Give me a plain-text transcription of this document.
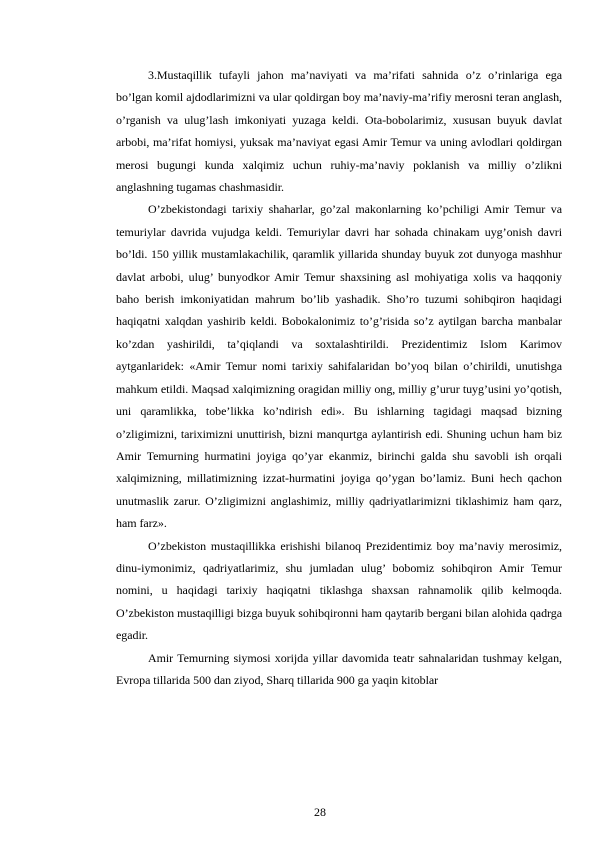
3.Mustaqillik tufayli jahon ma’naviyati va ma’rifati sahnida o’z o’rinlariga ega bo’lgan komil ajdodlarimizni va ular qoldirgan boy ma’naviy-ma’rifiy merosni teran anglash, o’rganish va ulug’lash imkoniyati yuzaga keldi. Ota-bobolarimiz, xususan buyuk davlat arbobi, ma’rifat homiysi, yuksak ma’naviyat egasi Amir Temur va uning avlodlari qoldirgan merosi bugungi kunda xalqimiz uchun ruhiy-ma’naviy poklanish va milliy o’zlikni anglashning tugamas chashmasidir.

O’zbekistondagi tarixiy shaharlar, go’zal makonlarning ko’pchiligi Amir Temur va temuriylar davrida vujudga keldi. Temuriylar davri har sohada chinakam uyg’onish davri bo’ldi. 150 yillik mustamlakachilik, qaramlik yillarida shunday buyuk zot dunyoga mashhur davlat arbobi, ulug’ bunyodkor Amir Temur shaxsining asl mohiyatiga xolis va haqqoniy baho berish imkoniyatidan mahrum bo’lib yashadik. Sho’ro tuzumi sohibqiron haqidagi haqiqatni xalqdan yashirib keldi. Bobokalonimiz to’g’risida so’z aytilgan barcha manbalar ko’zdan yashirildi, ta’qiqlandi va soxtalashtirildi. Prezidentimiz Islom Karimov aytganlaridek: «Amir Temur nomi tarixiy sahifalaridan bo’yoq bilan o’chirildi, unutishga mahkum etildi. Maqsad xalqimizning oragidan milliy ong, milliy g’urur tuyg’usini yo’qotish, uni qaramlikka, tobe’likka ko’ndirish edi». Bu ishlarning tagidagi maqsad bizning o’zligimizni, tariximizni unuttirish, bizni manqurtga aylantirish edi. Shuning uchun ham biz Amir Temurning hurmatini joyiga qo’yar ekanmiz, birinchi galda shu savobli ish orqali xalqimizning, millatimizning izzat-hurmatini joyiga qo’ygan bo’lamiz. Buni hech qachon unutmaslik zarur. O’zligimizni anglashimiz, milliy qadriyatlarimizni tiklashimiz ham qarz, ham farz».

O’zbekiston mustaqillikka erishishi bilanoq Prezidentimiz boy ma’naviy merosimiz, dinu-iymonimiz, qadriyatlarimiz, shu jumladan ulug’ bobomiz sohibqiron Amir Temur nomini, u haqidagi tarixiy haqiqatni tiklashga shaxsan rahnamolik qilib kelmoqda. O’zbekiston mustaqilligi bizga buyuk sohibqironni ham qaytarib bergani bilan alohida qadrga egadir.

Amir Temurning siymosi xorijda yillar davomida teatr sahnalaridan tushmay kelgan, Evropa tillarida 500 dan ziyod, Sharq tillarida 900 ga yaqin kitoblar

28
